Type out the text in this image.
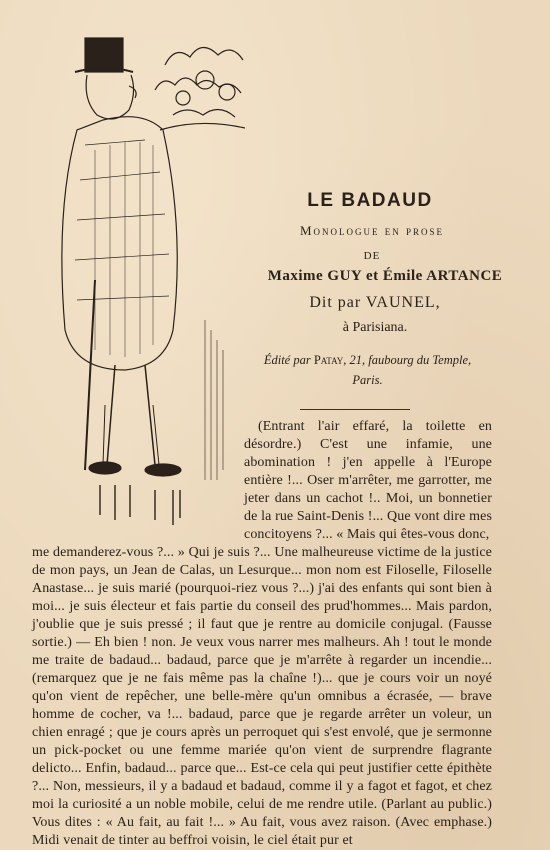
LE BADAUD
Monologue en prose
DE
Maxime GUY et Émile ARTANCE
Dit par VAUNEL,
à Parisiana.
Édité par Patay, 21, faubourg du Temple,
Paris.

(Entrant l'air effaré, la toilette en désordre.) C'est une infamie, une abomination ! j'en appelle à l'Europe entière !... Oser m'arrêter, me garrotter, me jeter dans un cachot !.. Moi, un bonnetier de la rue Saint-Denis !... Que vont dire mes concitoyens ?... « Mais qui êtes-vous donc,

me demanderez-vous ?... » Qui je suis ?... Une malheureuse victime de la justice de mon pays, un Jean de Calas, un Lesurque... mon nom est Filoselle, Filoselle Anastase... je suis marié (pourquoi-riez vous ?...) j'ai des enfants qui sont bien à moi... je suis électeur et fais partie du conseil des prud'hommes... Mais pardon, j'oublie que je suis pressé ; il faut que je rentre au domicile conjugal. (Fausse sortie.) — Eh bien ! non. Je veux vous narrer mes malheurs. Ah ! tout le monde me traite de badaud... badaud, parce que je m'arrête à regarder un incendie... (remarquez que je ne fais même pas la chaîne !)... que je cours voir un noyé qu'on vient de repêcher, une belle-mère qu'un omnibus a écrasée, — brave homme de cocher, va !... badaud, parce que je regarde arrêter un voleur, un chien enragé ; que je cours après un perroquet qui s'est envolé, que je sermonne un pick-pocket ou une femme mariée qu'on vient de surprendre flagrante delicto... Enfin, badaud... parce que... Est-ce cela qui peut justifier cette épithète ?... Non, messieurs, il y a badaud et badaud, comme il y a fagot et fagot, et chez moi la curiosité a un noble mobile, celui de me rendre utile. (Parlant au public.) Vous dites : « Au fait, au fait !... » Au fait, vous avez raison. (Avec emphase.) Midi venait de tinter au beffroi voisin, le ciel était pur et
